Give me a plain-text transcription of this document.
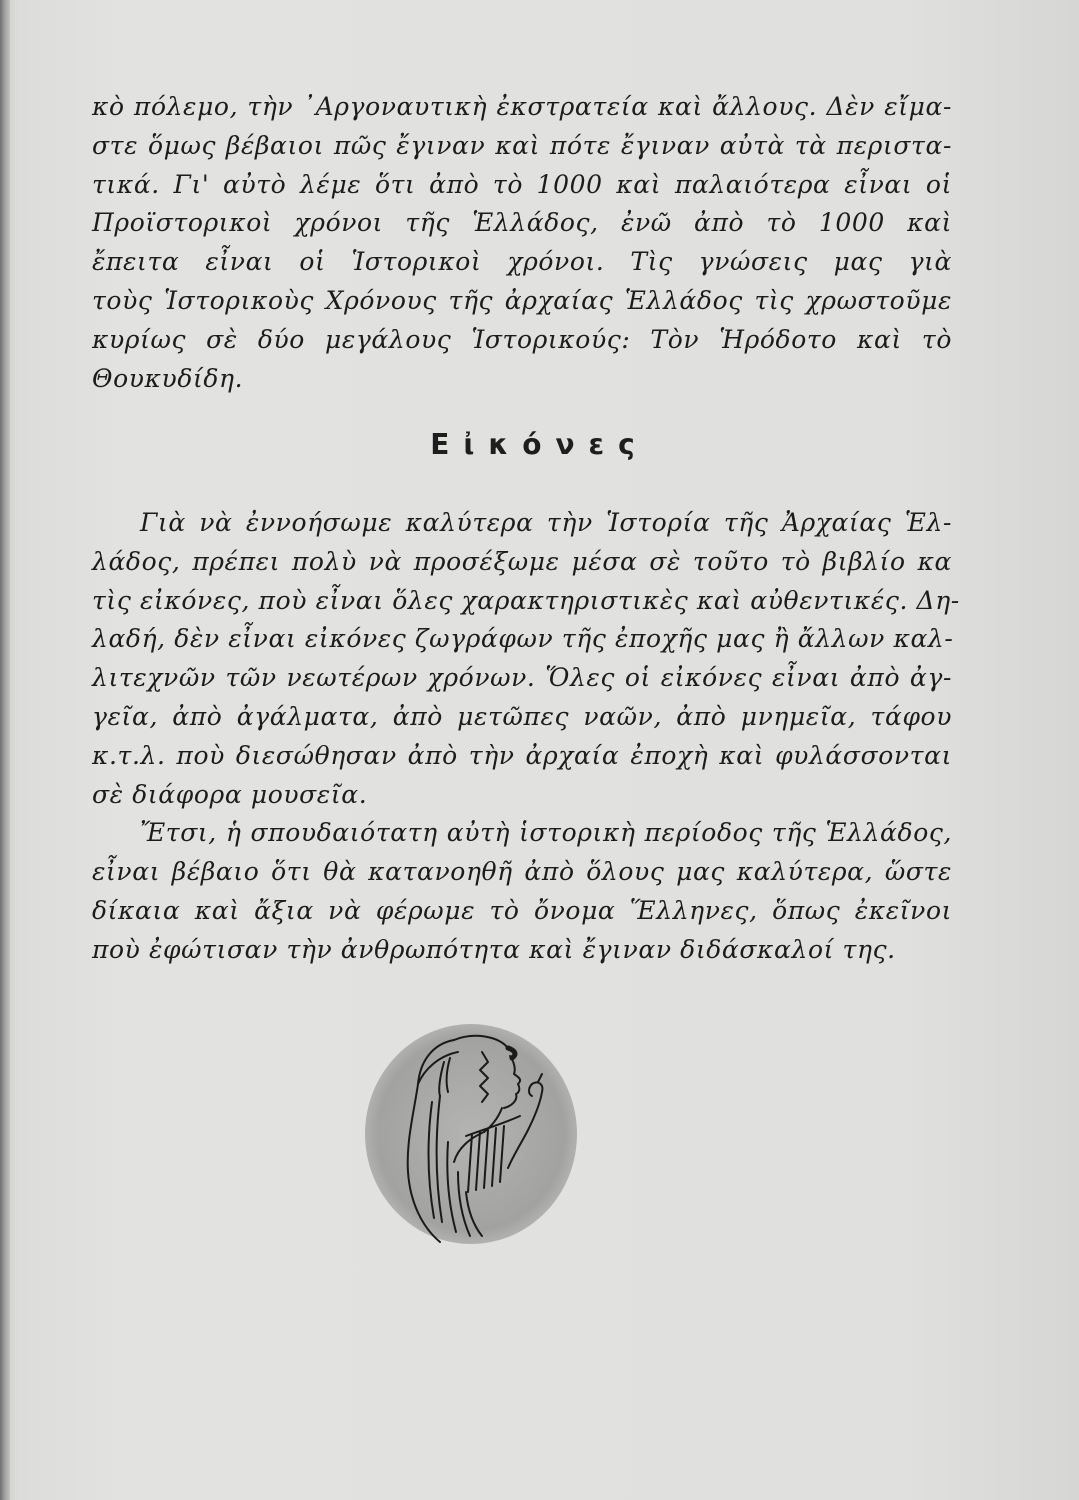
κὸ πόλεμο, τὴν ᾿Αργοναυτικὴ ἐκστρατεία καὶ ἄλλους. Δὲν εἴμα-
στε ὅμως βέβαιοι πῶς ἔγιναν καὶ πότε ἔγιναν αὐτὰ τὰ περιστα-
τικά. Γι' αὐτὸ λέμε ὅτι ἀπὸ τὸ 1000 καὶ παλαιότερα εἶναι οἱ
Προϊστορικοὶ χρόνοι τῆς Ἑλλάδος, ἐνῶ ἀπὸ τὸ 1000 καὶ
ἔπειτα εἶναι οἱ Ἱστορικοὶ χρόνοι. Τὶς γνώσεις μας γιὰ
τοὺς Ἱστορικοὺς Χρόνους τῆς ἀρχαίας Ἑλλάδος τὶς χρωστοῦμε
κυρίως σὲ δύο μεγάλους Ἱστορικούς: Τὸν Ἡρόδοτο καὶ τὸ
Θουκυδίδη.
Εἰκόνες
Γιὰ νὰ ἐννοήσωμε καλύτερα τὴν Ἱστορία τῆς Ἀρχαίας Ἑλ-
λάδος, πρέπει πολὺ νὰ προσέξωμε μέσα σὲ τοῦτο τὸ βιβλίο κα
τὶς εἰκόνες, ποὺ εἶναι ὅλες χαρακτηριστικὲς καὶ αὐθεντικές. Δη-
λαδή, δὲν εἶναι εἰκόνες ζωγράφων τῆς ἐποχῆς μας ἢ ἄλλων καλ-
λιτεχνῶν τῶν νεωτέρων χρόνων. Ὅλες οἱ εἰκόνες εἶναι ἀπὸ ἀγ-
γεῖα, ἀπὸ ἀγάλματα, ἀπὸ μετῶπες ναῶν, ἀπὸ μνημεῖα, τάφου
κ.τ.λ. ποὺ διεσώθησαν ἀπὸ τὴν ἀρχαία ἐποχὴ καὶ φυλάσσονται
σὲ διάφορα μουσεῖα.
Ἔτσι, ἡ σπουδαιότατη αὐτὴ ἱστορικὴ περίοδος τῆς Ἑλλάδος,
εἶναι βέβαιο ὅτι θὰ κατανοηθῆ ἀπὸ ὅλους μας καλύτερα, ὥστε
δίκαια καὶ ἄξια νὰ φέρωμε τὸ ὄνομα Ἕλληνες, ὅπως ἐκεῖνοι
ποὺ ἐφώτισαν τὴν ἀνθρωπότητα καὶ ἔγιναν διδάσκαλοί της.
